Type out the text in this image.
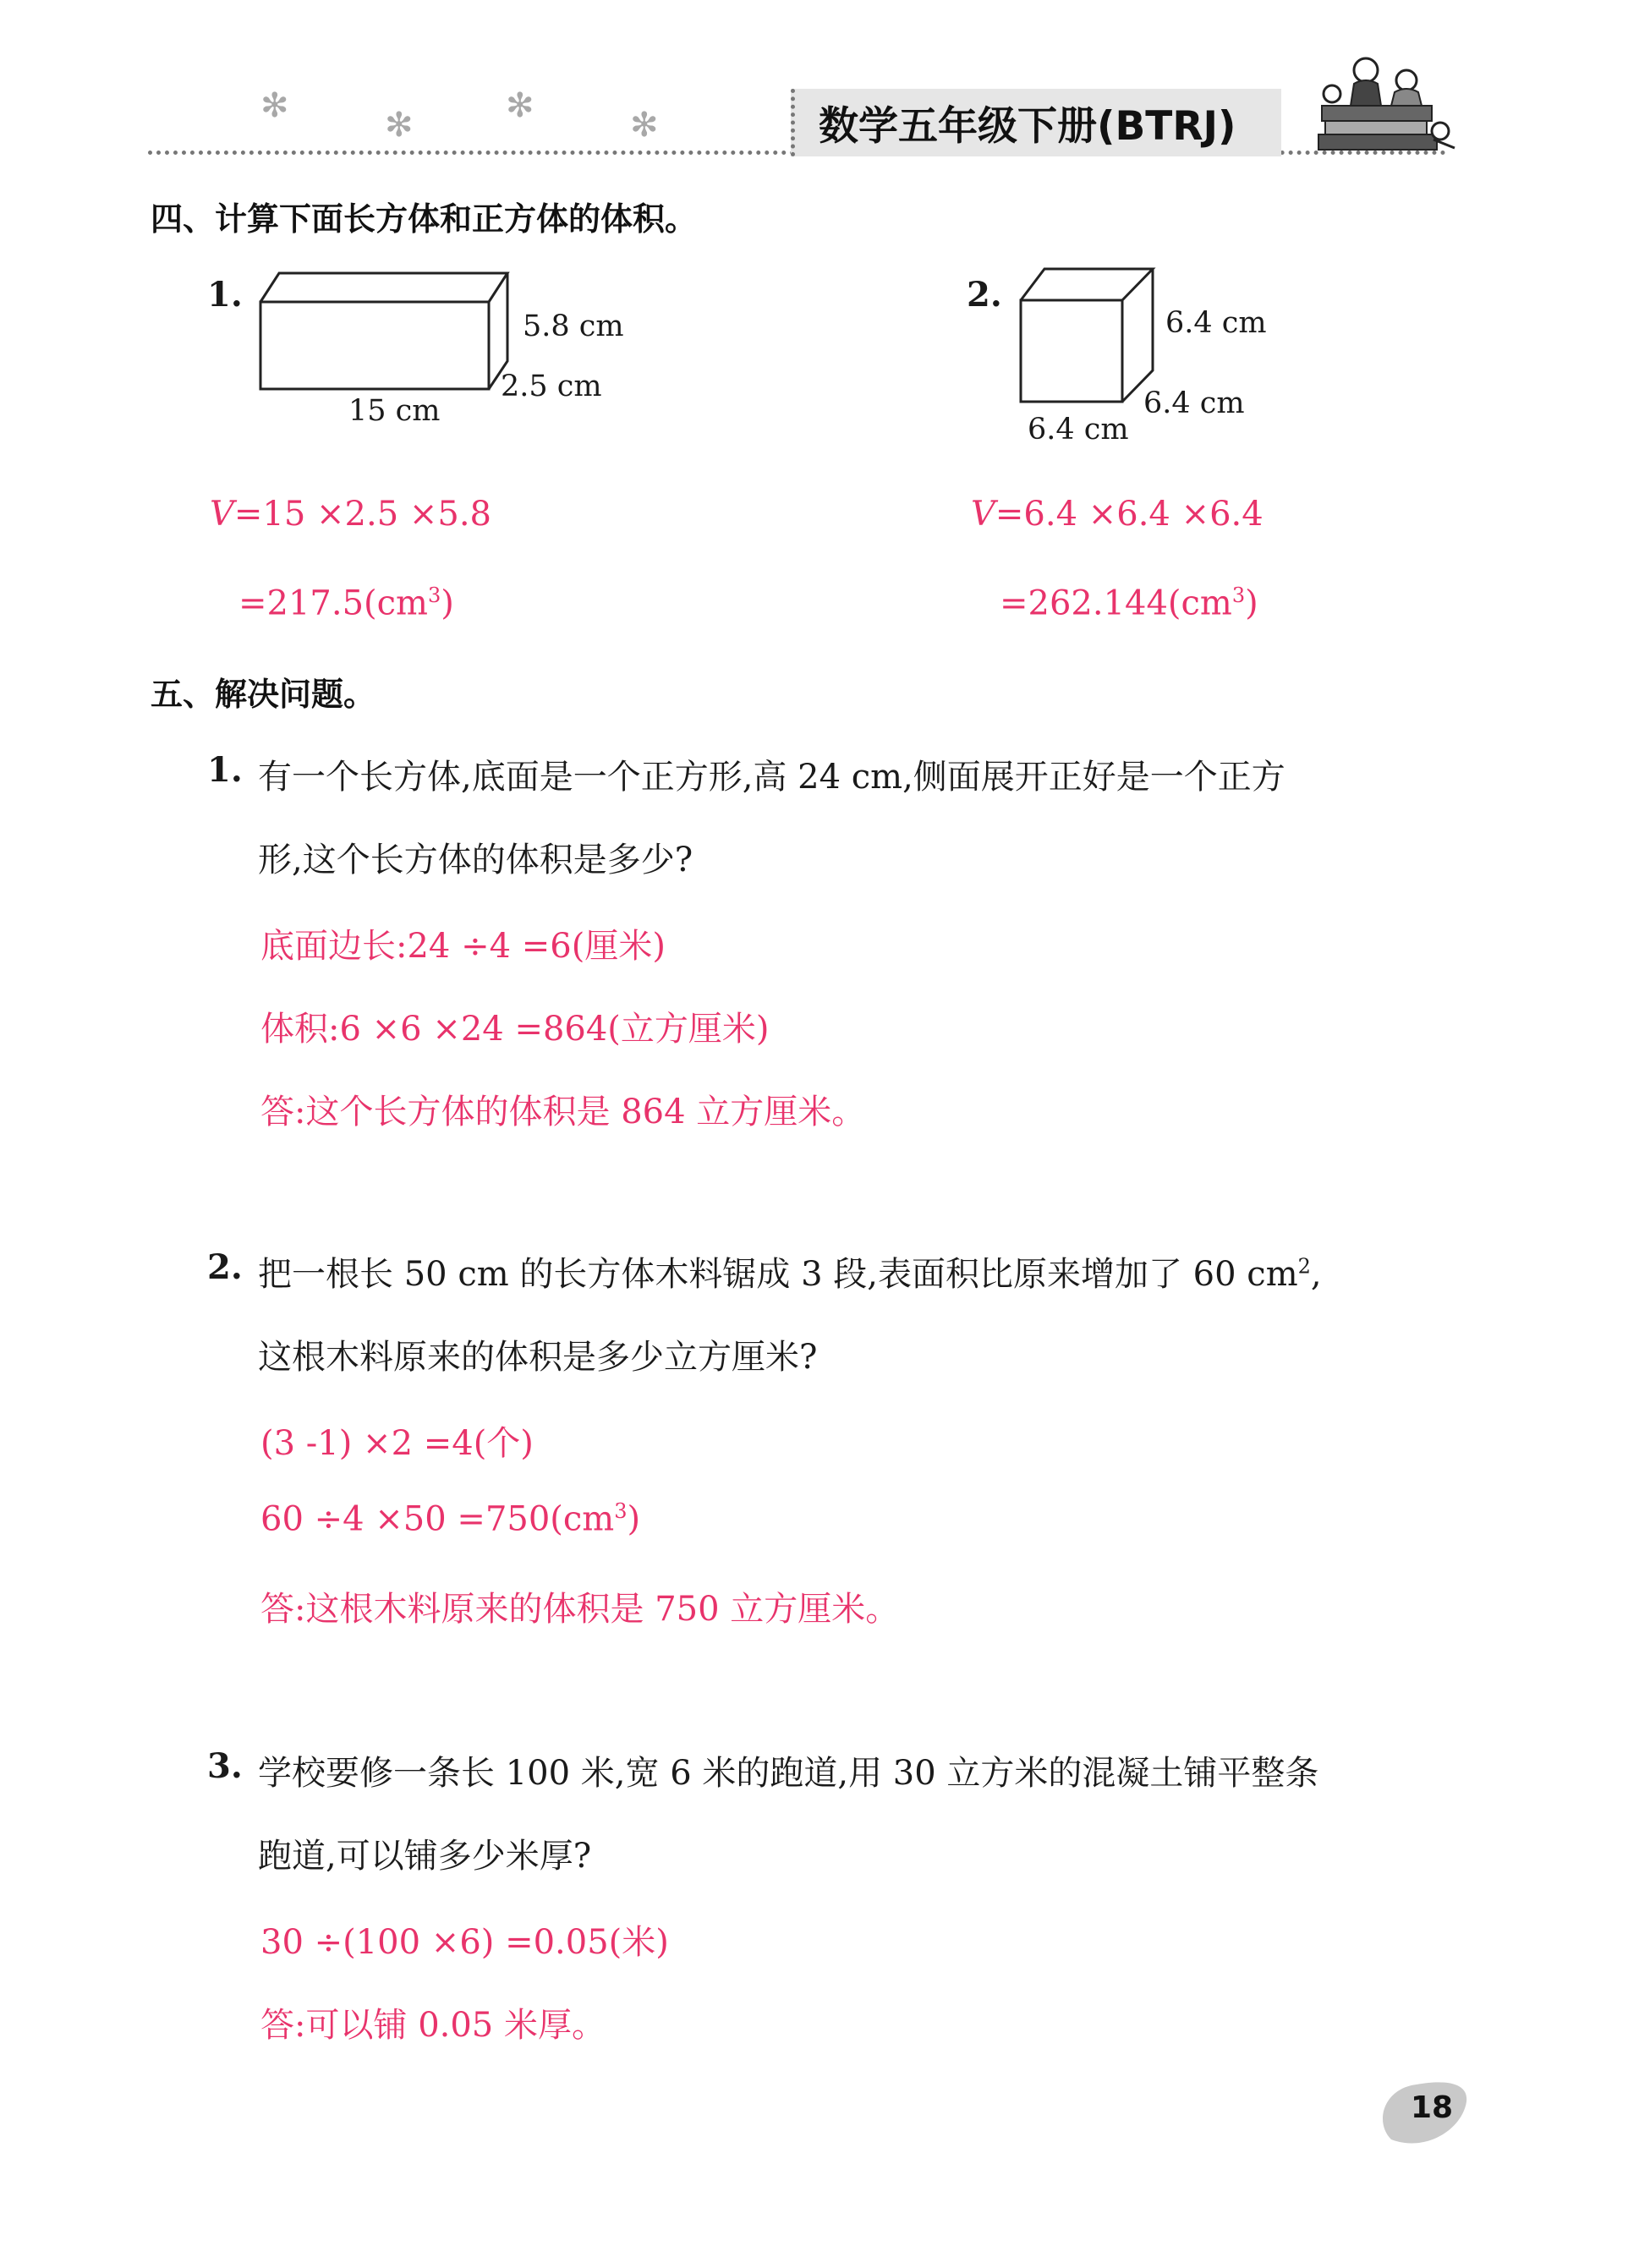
✻	✻	✻	✻	数学五年级下册(BTRJ)
四、计算下面长方体和正方体的体积。
1.
5.8 cm
2.5 cm
15 cm
V=15 ×2.5 ×5.8
$=217.5(cm^3)$
2.
6.4 cm
6.4 cm
6.4 cm
V=6.4 ×6.4 ×6.4
$=262.144(cm^3)$
五、解决问题。
1. 有一个长方体,底面是一个正方形,高 24 cm,侧面展开正好是一个正方
形,这个长方体的体积是多少?
底面边长:24 ÷4 =6(厘米)
体积:6 ×6 ×24 =864(立方厘米)
答:这个长方体的体积是 864 立方厘米。
2. 把一根长 50 cm 的长方体木料锯成 3 段,表面积比原来增加了 60 $cm^2$,
这根木料原来的体积是多少立方厘米?
(3 -1) ×2 =4(个)
$60 \div 4 \times 50 =750(cm^3)$
答:这根木料原来的体积是 750 立方厘米。
3. 学校要修一条长 100 米,宽 6 米的跑道,用 30 立方米的混凝土铺平整条
跑道,可以铺多少米厚?
30 ÷(100 ×6) =0.05(米)
答:可以铺 0.05 米厚。
18
